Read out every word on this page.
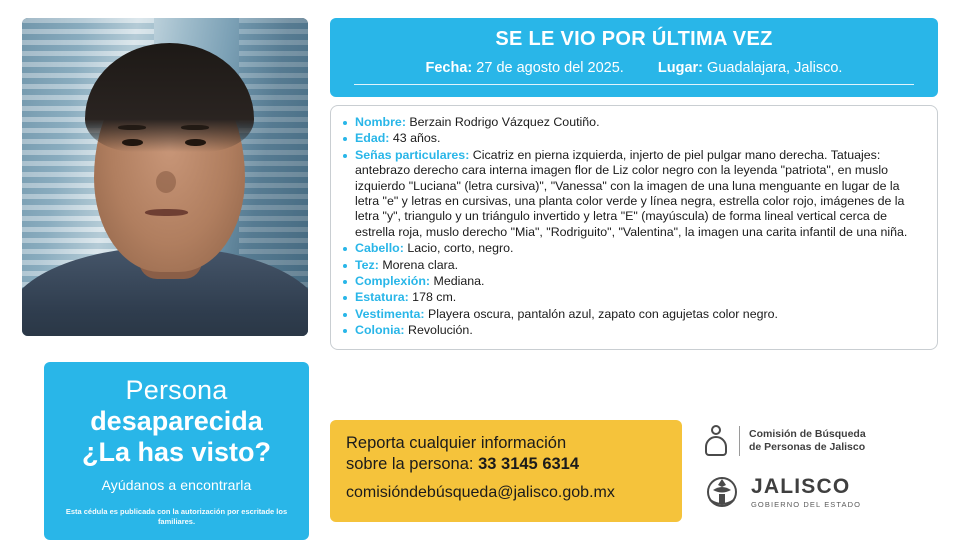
Persona
desaparecida
¿La has visto?
Ayúdanos a encontrarla
Esta cédula es publicada con la autorización por escritade los familiares.
SE LE VIO POR ÚLTIMA VEZ
Fecha: 27 de agosto del 2025. Lugar: Guadalajara, Jalisco.
Nombre: Berzain Rodrigo Vázquez Coutiño.
Edad: 43 años.
Señas particulares: Cicatriz en pierna izquierda, injerto de piel pulgar mano derecha. Tatuajes: antebrazo derecho cara interna imagen flor de Liz color negro con la leyenda "patriota", en muslo izquierdo "Luciana" (letra cursiva)", "Vanessa" con la imagen de una luna menguante en lugar de la letra "e" y letras en cursivas, una planta color verde y línea negra, estrella color rojo, imágenes de la letra "y", triangulo y un triángulo invertido y letra "E" (mayúscula) de forma lineal vertical cerca de estrella roja, muslo derecho "Mia", "Rodriguito", "Valentina", la imagen una carita infantil de una niña.
Cabello: Lacio, corto, negro.
Tez: Morena clara.
Complexión: Mediana.
Estatura: 178 cm.
Vestimenta: Playera oscura, pantalón azul, zapato con agujetas color negro.
Colonia: Revolución.
Reporta cualquier información
sobre la persona: 33 3145 6314
comisióndebúsqueda@jalisco.gob.mx
Comisión de Búsqueda
de Personas de Jalisco
JALISCO
GOBIERNO DEL ESTADO
